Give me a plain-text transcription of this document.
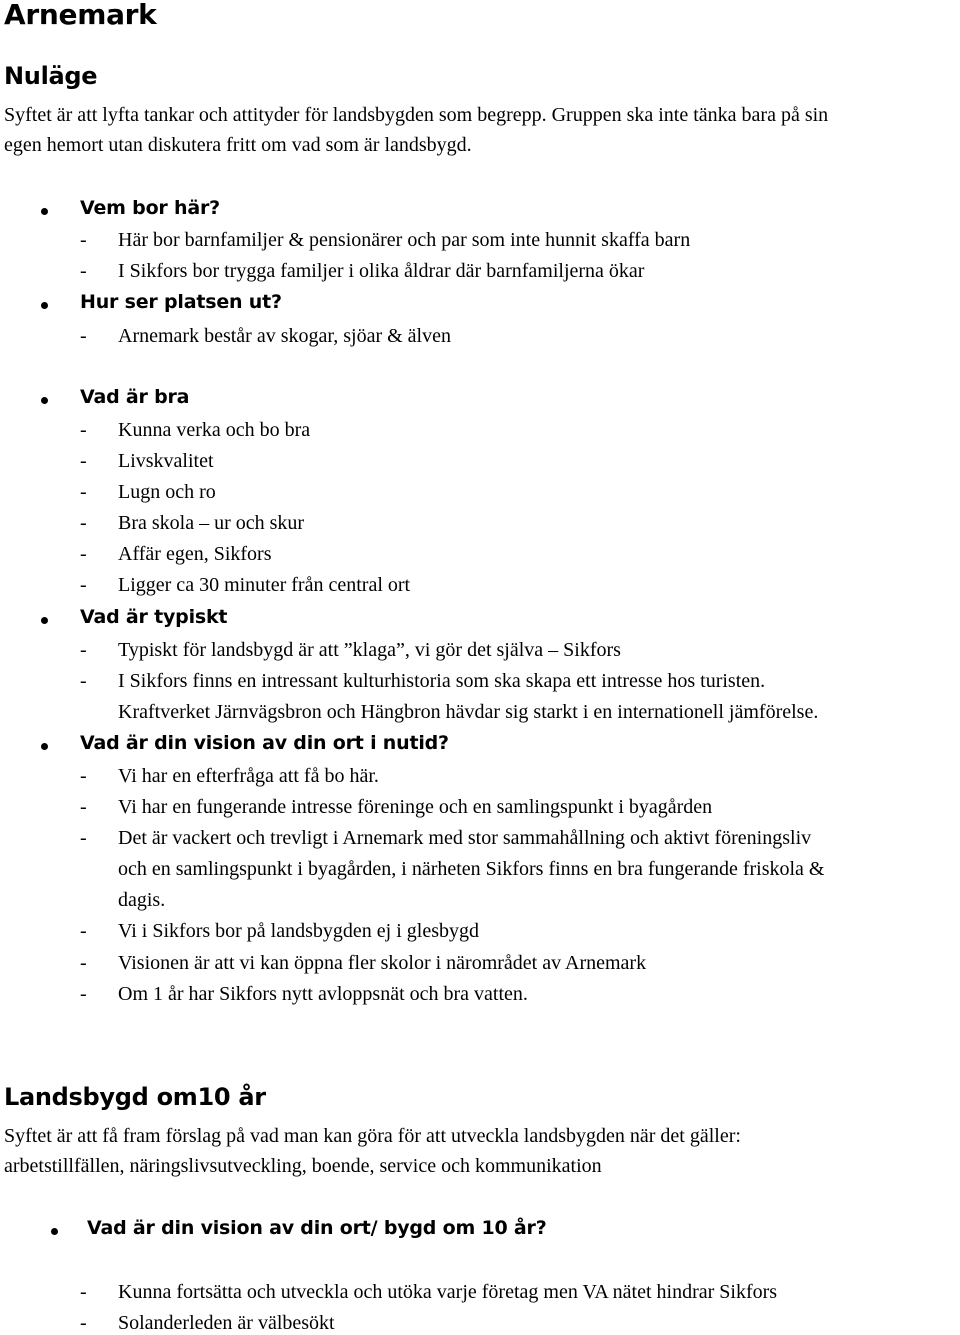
Arnemark
Nuläge
Syftet är att lyfta tankar och attityder för landsbygden som begrepp. Gruppen ska inte tänka bara på sin
egen hemort utan diskutera fritt om vad som är landsbygd.
Vem bor här?
- Här bor barnfamiljer & pensionärer och par som inte hunnit skaffa barn
- I Sikfors bor trygga familjer i olika åldrar där barnfamiljerna ökar
Hur ser platsen ut?
- Arnemark består av skogar, sjöar & älven
Vad är bra
- Kunna verka och bo bra
- Livskvalitet
- Lugn och ro
- Bra skola – ur och skur
- Affär egen, Sikfors
- Ligger ca 30 minuter från central ort
Vad är typiskt
- Typiskt för landsbygd är att ”klaga”, vi gör det själva – Sikfors
- I Sikfors finns en intressant kulturhistoria som ska skapa ett intresse hos turisten.
Kraftverket Järnvägsbron och Hängbron hävdar sig starkt i en internationell jämförelse.
Vad är din vision av din ort i nutid?
- Vi har en efterfråga att få bo här.
- Vi har en fungerande intresse föreninge och en samlingspunkt i byagården
- Det är vackert och trevligt i Arnemark med stor sammahållning och aktivt föreningsliv
och en samlingspunkt i byagården, i närheten Sikfors finns en bra fungerande friskola &
dagis.
- Vi i Sikfors bor på landsbygden ej i glesbygd
- Visionen är att vi kan öppna fler skolor i närområdet av Arnemark
- Om 1 år har Sikfors nytt avloppsnät och bra vatten.
Landsbygd om10 år
Syftet är att få fram förslag på vad man kan göra för att utveckla landsbygden när det gäller:
arbetstillfällen, näringslivsutveckling, boende, service och kommunikation
Vad är din vision av din ort/ bygd om 10 år?
- Kunna fortsätta och utveckla och utöka varje företag men VA nätet hindrar Sikfors
- Solanderleden är välbesökt
